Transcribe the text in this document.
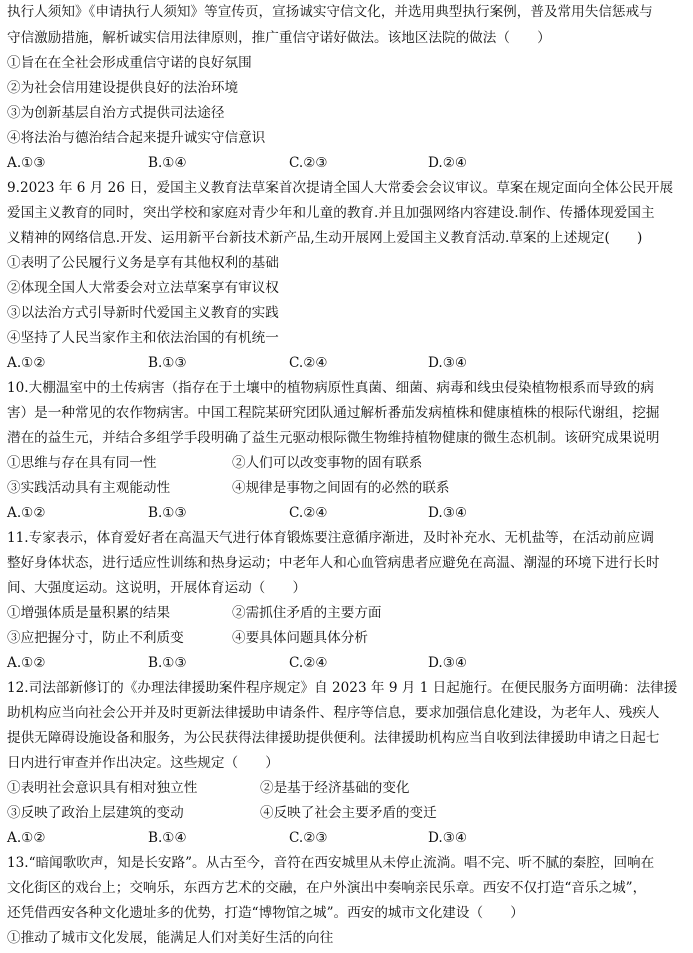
执行人须知》《申请执行人须知》等宣传页，宣扬诚实守信文化，并选用典型执行案例，普及常用失信惩戒与
守信激励措施，解析诚实信用法律原则，推广重信守诺好做法。该地区法院的做法（　　）
①旨在在全社会形成重信守诺的良好氛围
②为社会信用建设提供良好的法治环境
③为创新基层自治方式提供司法途径
④将法治与德治结合起来提升诚实守信意识
A.①③	B.①④	C.②③	D.②④
9.2023 年 6 月 26 日，爱国主义教育法草案首次提请全国人大常委会会议审议。草案在规定面向全体公民开展
爱国主义教育的同时，突出学校和家庭对青少年和儿童的教育.并且加强网络内容建设.制作、传播体现爱国主
义精神的网络信息.开发、运用新平台新技术新产品,生动开展网上爱国主义教育活动.草案的上述规定(　　)
①表明了公民履行义务是享有其他权利的基础
②体现全国人大常委会对立法草案享有审议权
③以法治方式引导新时代爱国主义教育的实践
④坚持了人民当家作主和依法治国的有机统一
A.①②	B.①③	C.②④	D.③④
10.大棚温室中的土传病害（指存在于土壤中的植物病原性真菌、细菌、病毒和线虫侵染植物根系而导致的病
害）是一种常见的农作物病害。中国工程院某研究团队通过解析番茄发病植株和健康植株的根际代谢组，挖掘
潜在的益生元，并结合多组学手段明确了益生元驱动根际微生物维持植物健康的微生态机制。该研究成果说明
①思维与存在具有同一性	②人们可以改变事物的固有联系
③实践活动具有主观能动性	④规律是事物之间固有的必然的联系
A.①②	B.①③	C.②④	D.③④
11.专家表示，体育爱好者在高温天气进行体育锻炼要注意循序渐进，及时补充水、无机盐等，在活动前应调
整好身体状态，进行适应性训练和热身运动；中老年人和心血管病患者应避免在高温、潮湿的环境下进行长时
间、大强度运动。这说明，开展体育运动（　　）
①增强体质是量积累的结果	②需抓住矛盾的主要方面
③应把握分寸，防止不利质变	④要具体问题具体分析
A.①②	B.①③	C.②④	D.③④
12.司法部新修订的《办理法律援助案件程序规定》自 2023 年 9 月 1 日起施行。在便民服务方面明确：法律援
助机构应当向社会公开并及时更新法律援助申请条件、程序等信息，要求加强信息化建设，为老年人、残疾人
提供无障碍设施设备和服务，为公民获得法律援助提供便利。法律援助机构应当自收到法律援助申请之日起七
日内进行审查并作出决定。这些规定（　　）
①表明社会意识具有相对独立性	②是基于经济基础的变化
③反映了政治上层建筑的变动	④反映了社会主要矛盾的变迁
A.①②	B.①④	C.②③	D.③④
13.“暗闻歌吹声，知是长安路”。从古至今，音符在西安城里从未停止流淌。唱不完、听不腻的秦腔，回响在
文化街区的戏台上；交响乐，东西方艺术的交融，在户外演出中奏响亲民乐章。西安不仅打造“音乐之城”，
还凭借西安各种文化遗址多的优势，打造“博物馆之城”。西安的城市文化建设（　　）
①推动了城市文化发展，能满足人们对美好生活的向往
